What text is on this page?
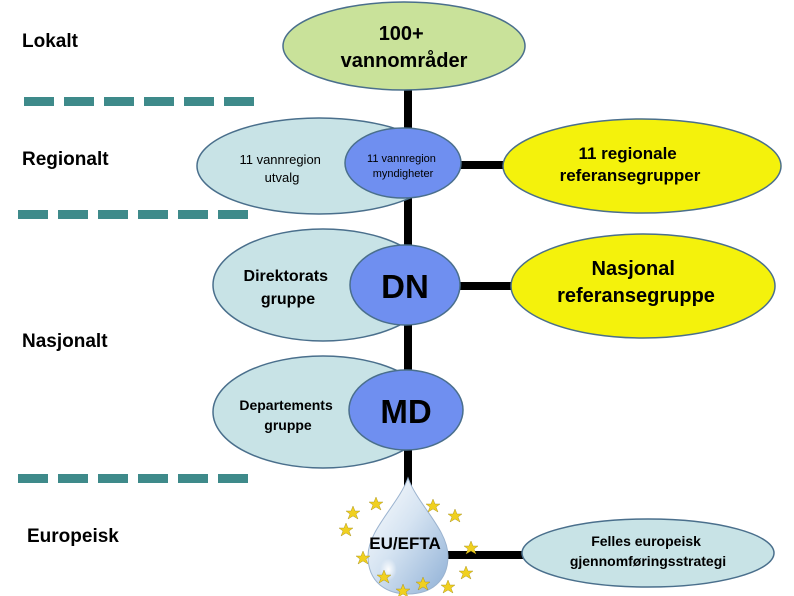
Lokalt
Regionalt
Nasjonalt
Europeisk
100+ vannområder
11 vannregion utvalg
11 vannregion myndigheter
11 regionale referansegrupper
Direktorats gruppe	DN	Nasjonal referansegruppe
Departements gruppe	MD
EU/EFTA	Felles europeisk gjennomføringsstrategi
